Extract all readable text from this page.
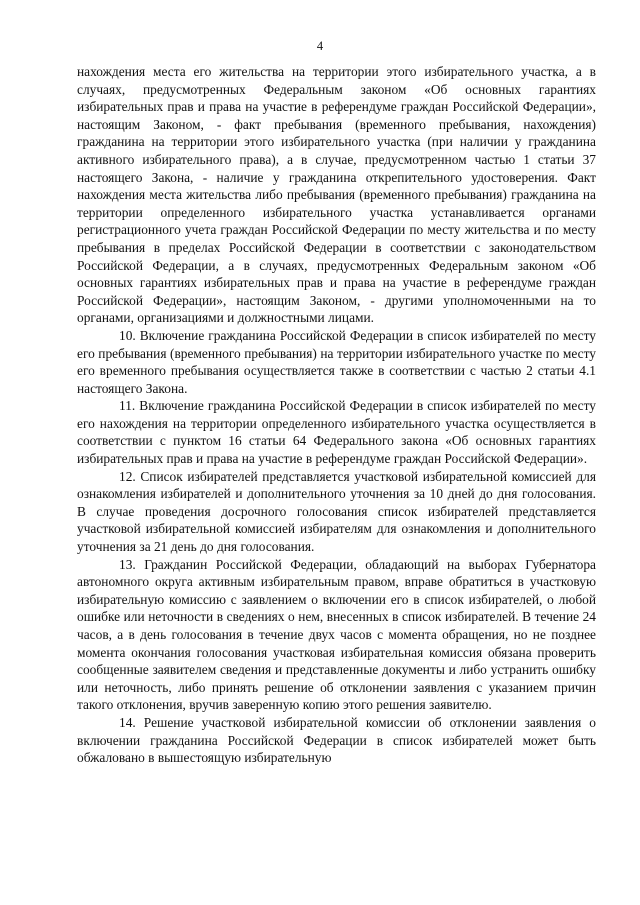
4

нахождения места его жительства на территории этого избирательного участка, а в случаях, предусмотренных Федеральным законом «Об основных гарантиях избирательных прав и права на участие в референдуме граждан Российской Федерации», настоящим Законом, - факт пребывания (временного пребывания, нахождения) гражданина на территории этого избирательного участка (при наличии у гражданина активного избирательного права), а в случае, предусмотренном частью 1 статьи 37 настоящего Закона, - наличие у гражданина открепительного удостоверения. Факт нахождения места жительства либо пребывания (временного пребывания) гражданина на территории определенного избирательного участка устанавливается органами регистрационного учета граждан Российской Федерации по месту жительства и по месту пребывания в пределах Российской Федерации в соответствии с законодательством Российской Федерации, а в случаях, предусмотренных Федеральным законом «Об основных гарантиях избирательных прав и права на участие в референдуме граждан Российской Федерации», настоящим Законом, - другими уполномоченными на то органами, организациями и должностными лицами.

10. Включение гражданина Российской Федерации в список избирателей по месту его пребывания (временного пребывания) на территории избирательного участке по месту его временного пребывания осуществляется также в соответствии с частью 2 статьи 4.1 настоящего Закона.

11. Включение гражданина Российской Федерации в список избирателей по месту его нахождения на территории определенного избирательного участка осуществляется в соответствии с пунктом 16 статьи 64 Федерального закона «Об основных гарантиях избирательных прав и права на участие в референдуме граждан Российской Федерации».

12. Список избирателей представляется участковой избирательной комиссией для ознакомления избирателей и дополнительного уточнения за 10 дней до дня голосования. В случае проведения досрочного голосования список избирателей представляется участковой избирательной комиссией избирателям для ознакомления и дополнительного уточнения за 21 день до дня голосования.

13. Гражданин Российской Федерации, обладающий на выборах Губернатора автономного округа активным избирательным правом, вправе обратиться в участковую избирательную комиссию с заявлением о включении его в список избирателей, о любой ошибке или неточности в сведениях о нем, внесенных в список избирателей. В течение 24 часов, а в день голосования в течение двух часов с момента обращения, но не позднее момента окончания голосования участковая избирательная комиссия обязана проверить сообщенные заявителем сведения и представленные документы и либо устранить ошибку или неточность, либо принять решение об отклонении заявления с указанием причин такого отклонения, вручив заверенную копию этого решения заявителю.

14. Решение участковой избирательной комиссии об отклонении заявления о включении гражданина Российской Федерации в список избирателей может быть обжаловано в вышестоящую избирательную
